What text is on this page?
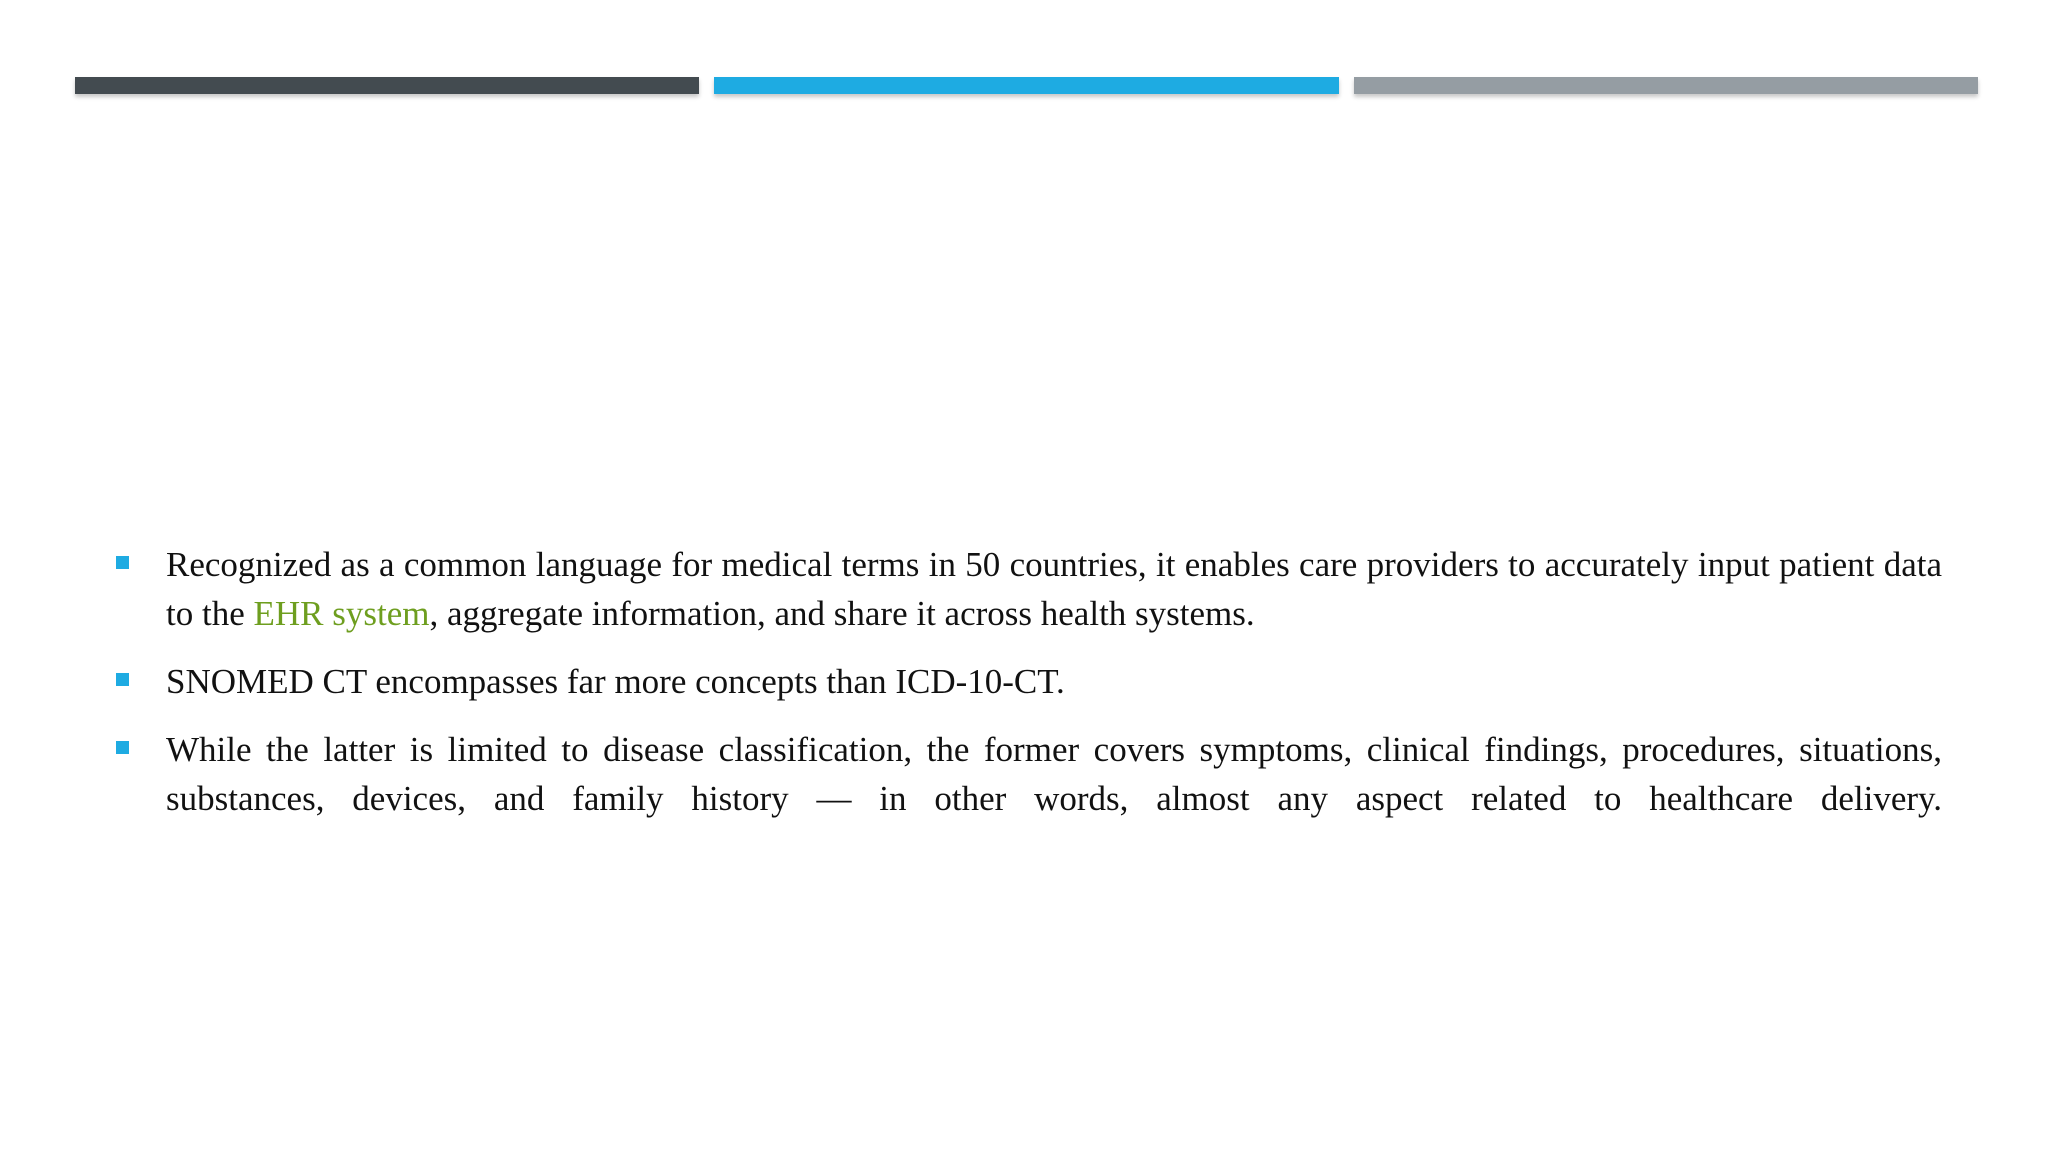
Recognized as a common language for medical terms in 50 countries, it enables care providers to accurately input patient data to the EHR system, aggregate information, and share it across health systems.
SNOMED CT encompasses far more concepts than ICD-10-CT.
While the latter is limited to disease classification, the former covers symptoms, clinical findings, procedures, situations, substances, devices, and family history — in other words, almost any aspect related to healthcare delivery.
